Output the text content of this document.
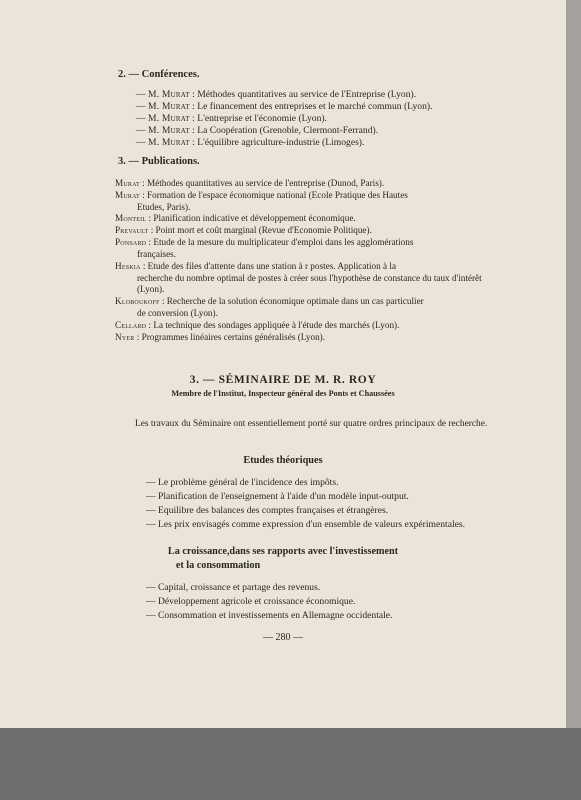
2. — Conférences.
— M. Murat : Méthodes quantitatives au service de l'Entreprise (Lyon).
— M. Murat : Le financement des entreprises et le marché commun (Lyon).
— M. Murat : L'entreprise et l'économie (Lyon).
— M. Murat : La Coopération (Grenoble, Clermont-Ferrand).
— M. Murat : L'équilibre agriculture-industrie (Limoges).
3. — Publications.
Murat : Méthodes quantitatives au service de l'entreprise (Dunod, Paris).
Murat : Formation de l'espace économique national (Ecole Pratique des Hautes
Etudes, Paris).
Monteil : Planification indicative et développement économique.
Prevault : Point mort et coût marginal (Revue d'Economie Politique).
Ponsard : Etude de la mesure du multiplicateur d'emploi dans les agglomérations
françaises.
Heskia : Etude des files d'attente dans une station à r postes. Application à la
recherche du nombre optimal de postes à créer sous l'hypothèse de constance du taux d'intérêt (Lyon).
Kloboukoff : Recherche de la solution économique optimale dans un cas particulier
de conversion (Lyon).
Cellard : La technique des sondages appliquée à l'étude des marchés (Lyon).
Nyer : Programmes linéaires certains généralisés (Lyon).
3. — SÉMINAIRE DE M. R. ROY
Membre de l'Institut, Inspecteur général des Ponts et Chaussées
Les travaux du Séminaire ont essentiellement porté sur quatre ordres principaux de recherche.
Etudes théoriques
— Le problème général de l'incidence des impôts.
— Planification de l'enseignement à l'aide d'un modèle input-output.
— Equilibre des balances des comptes françaises et étrangères.
— Les prix envisagés comme expression d'un ensemble de valeurs expérimentales.
La croissance,dans ses rapports avec l'investissement
et la consommation
— Capital, croissance et partage des revenus.
— Développement agricole et croissance économique.
— Consommation et investissements en Allemagne occidentale.
— 280 —
